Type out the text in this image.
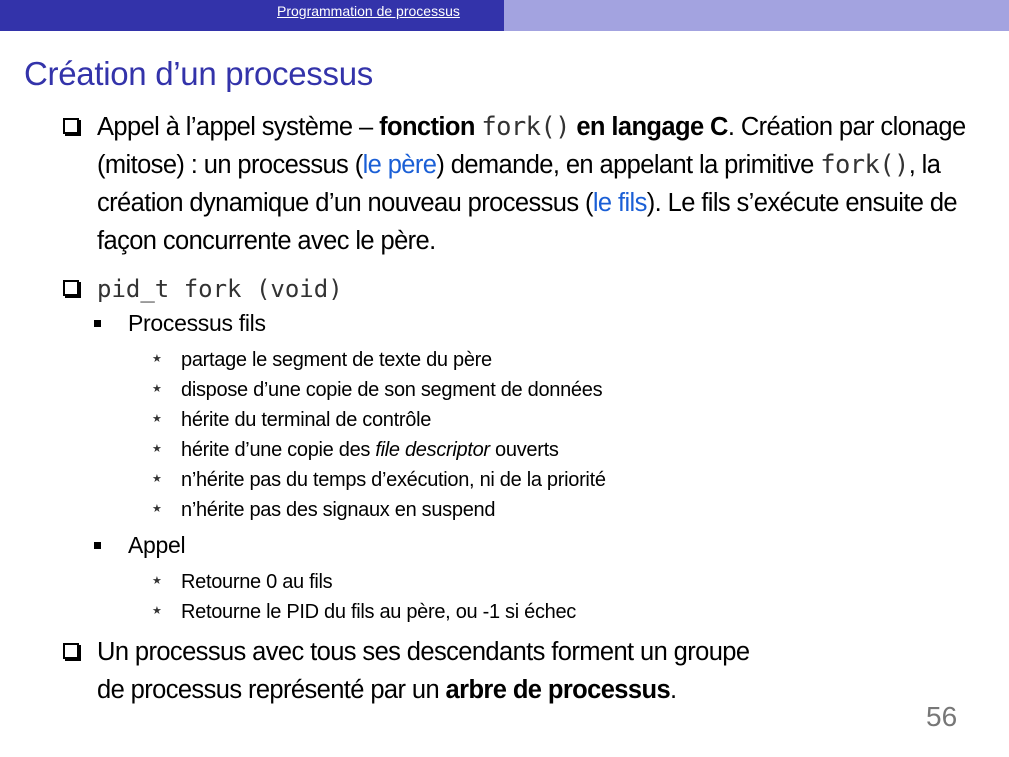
Programmation de processus
Création d’un processus
Appel à l’appel système – fonction fork() en langage C. Création par clonage (mitose) : un processus (le père) demande, en appelant la primitive fork(), la création dynamique d’un nouveau processus (le fils). Le fils s’exécute ensuite de façon concurrente avec le père.
pid_t fork (void)
Processus fils
★ partage le segment de texte du père
★ dispose d’une copie de son segment de données
★ hérite du terminal de contrôle
★ hérite d’une copie des file descriptor ouverts
★ n’hérite pas du temps d’exécution, ni de la priorité
★ n’hérite pas des signaux en suspend
Appel
★ Retourne 0 au fils
★ Retourne le PID du fils au père, ou -1 si échec
Un processus avec tous ses descendants forment un groupe
de processus représenté par un arbre de processus.
56
